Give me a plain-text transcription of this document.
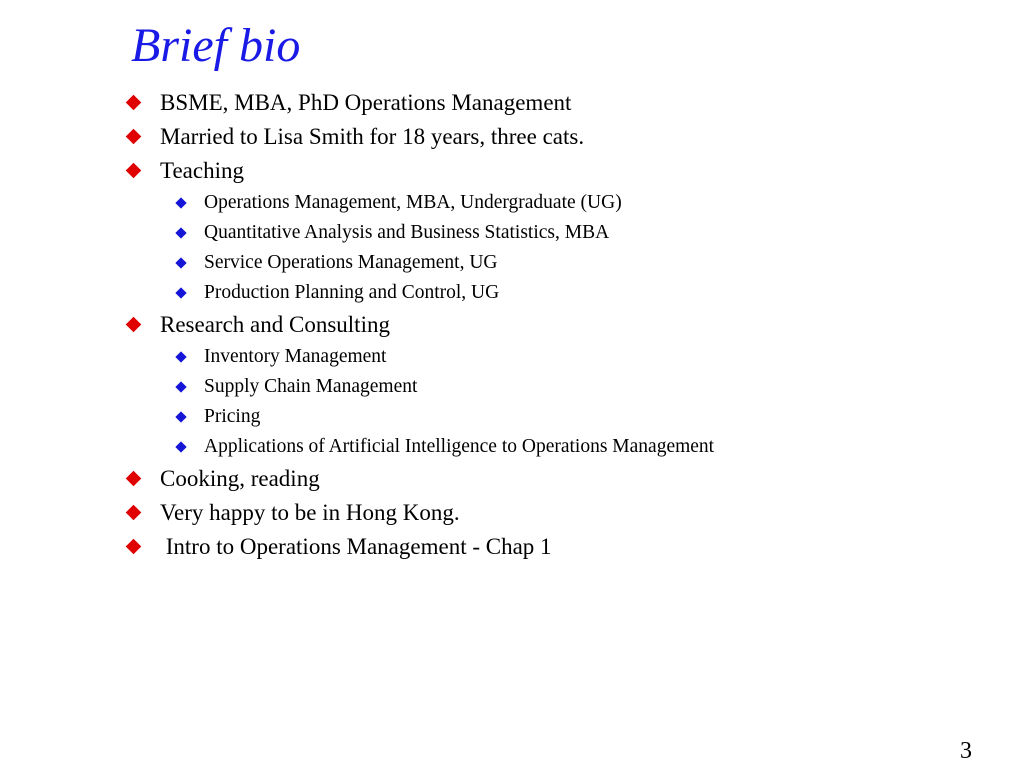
Brief bio
BSME, MBA, PhD Operations Management
Married to Lisa Smith for 18 years, three cats.
Teaching
Operations Management, MBA, Undergraduate (UG)
Quantitative Analysis and Business Statistics, MBA
Service Operations Management, UG
Production Planning and Control, UG
Research and Consulting
Inventory Management
Supply Chain Management
Pricing
Applications of Artificial Intelligence to Operations Management
Cooking, reading
Very happy to be in Hong Kong.
Intro to Operations Management - Chap 1
3
